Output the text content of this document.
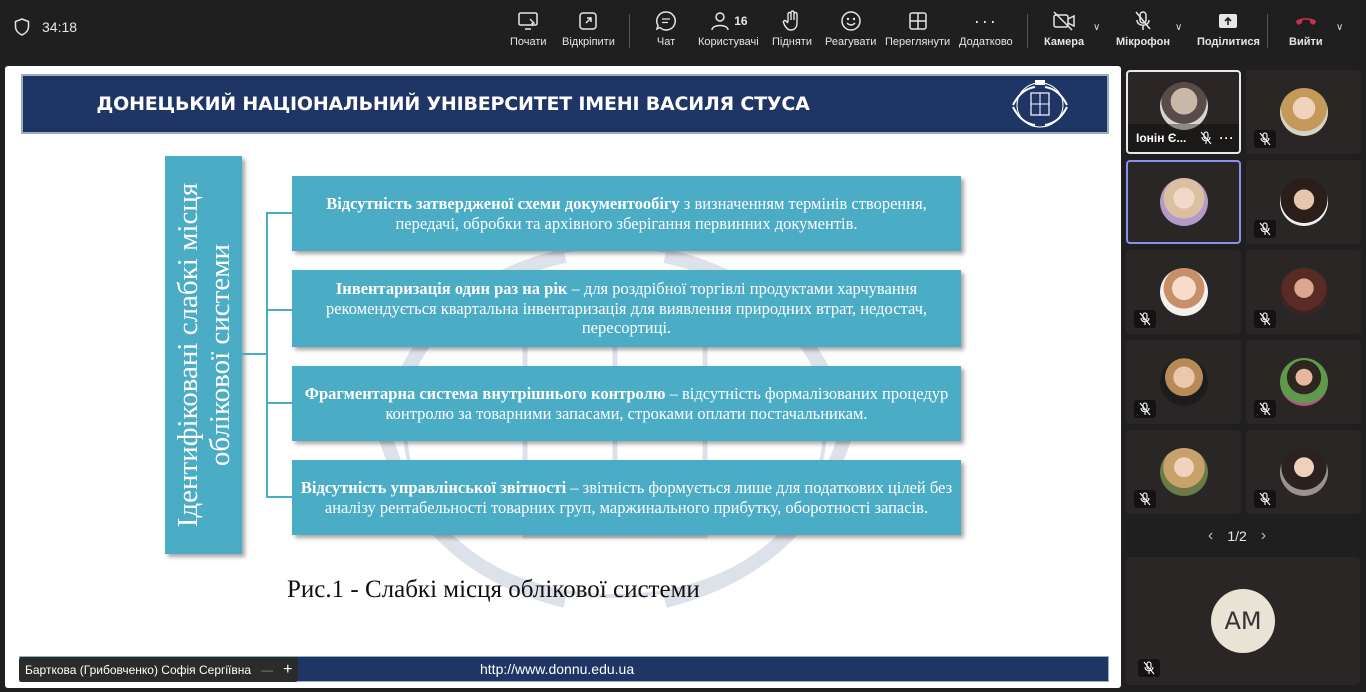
34:18
Почати Відкріпити	Чат
16
Користувачі Підняти Реагувати Переглянути
···
Додатково	Камера
∨
Мікрофон
∨
Поділитися	Вийти
∨
ДОНЕЦЬКИЙ НАЦІОНАЛЬНИЙ УНІВЕРСИТЕТ ІМЕНІ ВАСИЛЯ СТУСА
Ідентифіковані слабкі місця облікової системи

Відсутність затвердженої схеми документообігу з визначенням термінів створення, передачі, обробки та архівного зберігання первинних документів.

Інвентаризація один раз на рік – для роздрібної торгівлі продуктами харчування рекомендується квартальна інвентаризація для виявлення природних втрат, недостач, пересортиці.

Фрагментарна система внутрішнього контролю – відсутність формалізованих процедур контролю за товарними запасами, строками оплати постачальникам.

Відсутність управлінської звітності – звітність формується лише для податкових цілей без аналізу рентабельності товарних груп, маржинального прибутку, оборотності запасів.

Рис.1 - Слабкі місця облікової системи
http://www.donnu.edu.ua
Барткова (Грибовченко) Софія Сергіївна — +
Іонін Є...	···
‹ 1/2 ›
AM
